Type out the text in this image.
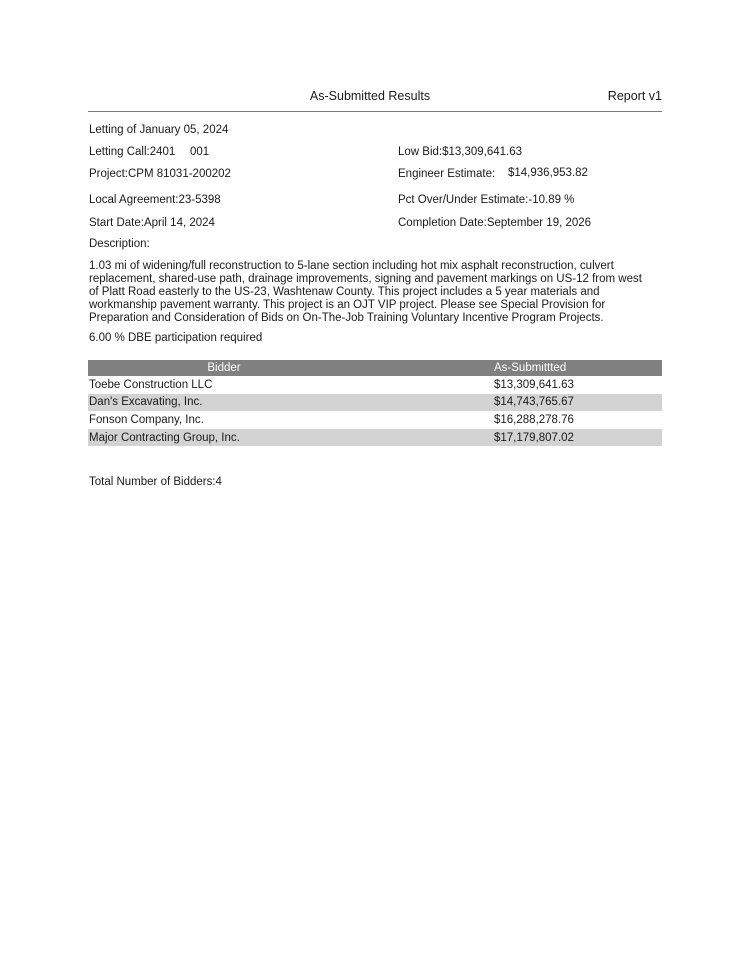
As-Submitted Results	Report v1
Letting of January 05, 2024
Letting Call:2401 001	Low Bid:$13,309,641.63
Project:CPM 81031-200202	Engineer Estimate: $14,936,953.82
Local Agreement:23-5398	Pct Over/Under Estimate:-10.89 %
Start Date:April 14, 2024	Completion Date:September 19, 2026
Description:
1.03 mi of widening/full reconstruction to 5-lane section including hot mix asphalt reconstruction, culvert replacement, shared-use path, drainage improvements, signing and pavement markings on US-12 from west of Platt Road easterly to the US-23, Washtenaw County. This project includes a 5 year materials and workmanship pavement warranty. This project is an OJT VIP project. Please see Special Provision for Preparation and Consideration of Bids on On-The-Job Training Voluntary Incentive Program Projects.
6.00 % DBE participation required
Bidder	As-Submittted
Toebe Construction LLC	$13,309,641.63
Dan's Excavating, Inc.	$14,743,765.67
Fonson Company, Inc.	$16,288,278.76
Major Contracting Group, Inc.	$17,179,807.02
Total Number of Bidders:4
